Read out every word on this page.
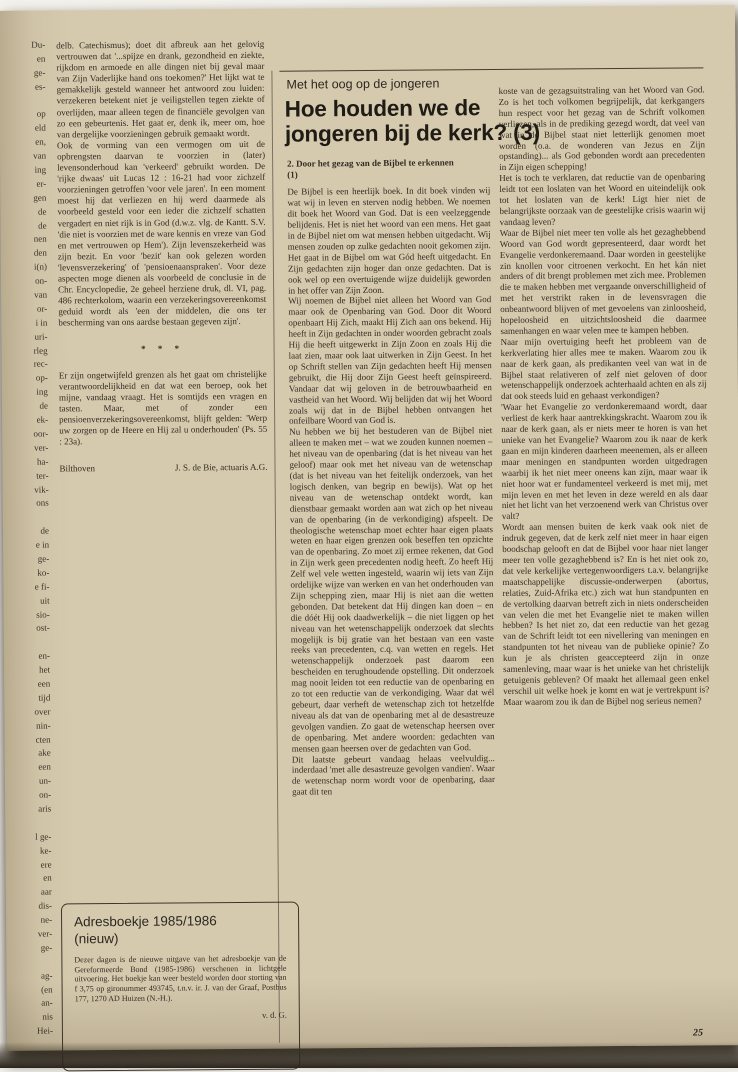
Du-
en
ge-
es-
op
eld
en,
van
ing
er-
gen
de
de
nen
den
i(n)
on-
van
or-
i in
uri-
rleg
rec-
op-
ing
de
ek-
oor-
ver-
ha-
ter-
vik-
ons
de
e in
ge-
ko-
e fi-
uit
sio-
ost-
en-
het
een
tijd
over
nin-
cten
ake
een
un-
on-
aris
l ge-
ke-
ere
en
aar
dis-
ne-
ver-
ge-
ag-
(en
an-
nis
Hei-

delb. Catechismus); doet dit afbreuk aan het gelovig vertrouwen dat '...spijze en drank, gezondheid en ziekte, rijkdom en armoede en alle dingen niet bij geval maar van Zijn Vaderlijke hand ons toekomen?' Het lijkt wat te gemakkelijk gesteld wanneer het antwoord zou luiden: verzekeren betekent niet je veiligstellen tegen ziekte of overlijden, maar alleen tegen de financiële gevolgen van zo een gebeurtenis. Het gaat er, denk ik, meer om, hoe van dergelijke voorzieningen gebruik gemaakt wordt.

Ook de vorming van een vermogen om uit de opbrengsten daarvan te voorzien in (later) levensonderhoud kan 'verkeerd' gebruikt worden. De 'rijke dwaas' uit Lucas 12 : 16-21 had voor zichzelf voorzieningen getroffen 'voor vele jaren'. In een moment moest hij dat verliezen en hij werd daarmede als voorbeeld gesteld voor een ieder die zichzelf schatten vergadert en niet rijk is in God (d.w.z. vlg. de Kantt. S.V. 'die niet is voorzien met de ware kennis en vreze van God en met vertrouwen op Hem'). Zijn levenszekerheid was zijn bezit. En voor 'bezit' kan ook gelezen worden 'levensverzekering' of 'pensioenaanspraken'. Voor deze aspecten moge dienen als voorbeeld de conclusie in de Chr. Encyclopedie, 2e geheel herziene druk, dl. VI, pag. 486 rechterkolom, waarin een verzekeringsovereenkomst geduid wordt als 'een der middelen, die ons ter bescherming van ons aardse bestaan gegeven zijn'.

* * *

Er zijn ongetwijfeld grenzen als het gaat om christelijke verantwoordelijkheid en dat wat een beroep, ook het mijne, vandaag vraagt. Het is somtijds een vragen en tasten. Maar, met of zonder een pensioenverzekeringsovereenkomst, blijft gelden: 'Werp uw zorgen op de Heere en Hij zal u onderhouden' (Ps. 55 : 23a).

Bilthoven	J. S. de Bie, actuaris A.G.
Met het oog op de jongeren
Hoe houden we de
jongeren bij de kerk? (3)
2. Door het gezag van de Bijbel te erkennen
(1)

De Bijbel is een heerlijk boek. In dit boek vinden wij wat wij in leven en sterven nodig hebben. We noemen dit boek het Woord van God. Dat is een veelzeggende belijdenis. Het is niet het woord van een mens. Het gaat in de Bijbel niet om wat mensen hebben uitgedacht. Wij mensen zouden op zulke gedachten nooit gekomen zijn. Het gaat in de Bijbel om wat Gód heeft uitgedacht. En Zijn gedachten zijn hoger dan onze gedachten. Dat is ook wel op een overtuigende wijze duidelijk geworden in het offer van Zijn Zoon.

Wij noemen de Bijbel niet alleen het Woord van God maar ook de Openbaring van God. Door dit Woord openbaart Hij Zich, maakt Hij Zich aan ons bekend. Hij heeft in Zijn gedachten in onder woorden gebracht zoals Hij die heeft uitgewerkt in Zijn Zoon en zoals Hij die laat zien, maar ook laat uitwerken in Zijn Geest. In het op Schrift stellen van Zijn gedachten heeft Hij mensen gebruikt, die Hij door Zijn Geest heeft geïnspireerd. Vandaar dat wij geloven in de betrouwbaarheid en vastheid van het Woord. Wij belijden dat wij het Woord zoals wij dat in de Bijbel hebben ontvangen het onfeilbare Woord van God is.

Nu hebben we bij het bestuderen van de Bijbel niet alleen te maken met – wat we zouden kunnen noemen – het niveau van de openbaring (dat is het niveau van het geloof) maar ook met het niveau van de wetenschap (dat is het niveau van het feitelijk onderzoek, van het logisch denken, van begrip en bewijs). Wat op het niveau van de wetenschap ontdekt wordt, kan dienstbaar gemaakt worden aan wat zich op het niveau van de openbaring (in de verkondiging) afspeelt. De theologische wetenschap moet echter haar eigen plaats weten en haar eigen grenzen ook beseffen ten opzichte van de openbaring. Zo moet zij ermee rekenen, dat God in Zijn werk geen precedenten nodig heeft. Zo heeft Hij Zelf wel vele wetten ingesteld, waarin wij iets van Zijn ordelijke wijze van werken en van het onderhouden van Zijn schepping zien, maar Hij is niet aan die wetten gebonden. Dat betekent dat Hij dingen kan doen – en die dóét Hij ook daadwerkelijk – die niet liggen op het niveau van het wetenschappelijk onderzoek dat slechts mogelijk is bij gratie van het bestaan van een vaste reeks van precedenten, c.q. van wetten en regels. Het wetenschappelijk onderzoek past daarom een bescheiden en terughoudende opstelling. Dit onderzoek mag nooit leiden tot een reductie van de openbaring en zo tot een reductie van de verkondiging. Waar dat wél gebeurt, daar verheft de wetenschap zich tot hetzelfde niveau als dat van de openbaring met al de desastreuze gevolgen vandien. Zo gaat de wetenschap heersen over de openbaring. Met andere woorden: gedachten van mensen gaan heersen over de gedachten van God.

Dit laatste gebeurt vandaag helaas veelvuldig... inderdaad 'met alle desastreuze gevolgen vandien'. Waar de wetenschap norm wordt voor de openbaring, daar gaat dit ten

koste van de gezagsuitstraling van het Woord van God. Zo is het toch volkomen begrijpelijk, dat kerkgangers hun respect voor het gezag van de Schrift volkomen verliezen, als in de prediking gezegd wordt, dat veel van wat in de Bijbel staat niet letterlijk genomen moet worden (o.a. de wonderen van Jezus en Zijn opstanding)... als God gebonden wordt aan precedenten in Zijn eigen schepping!

Het is toch te verklaren, dat reductie van de openbaring leidt tot een loslaten van het Woord en uiteindelijk ook tot het loslaten van de kerk! Ligt hier niet de belangrijkste oorzaak van de geestelijke crisis waarin wij vandaag leven?

Waar de Bijbel niet meer ten volle als het gezaghebbend Woord van God wordt gepresenteerd, daar wordt het Evangelie verdonkeremaand. Daar worden in geestelijke zin knollen voor citroenen verkocht. En het kán niet anders of dit brengt problemen met zich mee. Problemen die te maken hebben met vergaande onverschilligheid of met het verstrikt raken in de levensvragen die onbeantwoord blijven of met gevoelens van zinloosheid, hopeloosheid en uitzichtsloosheid die daarmee samenhangen en waar velen mee te kampen hebben.

Naar mijn overtuiging heeft het probleem van de kerkverlating hier alles mee te maken. Waarom zou ik naar de kerk gaan, als predikanten veel van wat in de Bijbel staat relativeren of zelf niet geloven of door wetenschappelijk onderzoek achterhaald achten en als zij dat ook steeds luid en gehaast verkondigen?

'Waar het Evangelie zo verdonkeremaand wordt, daar verliest de kerk haar aantrekkingskracht. Waarom zou ik naar de kerk gaan, als er niets meer te horen is van het unieke van het Evangelie? Waarom zou ik naar de kerk gaan en mijn kinderen daarheen meenemen, als er alleen maar meningen en standpunten worden uitgedragen waarbij ik het niet meer oneens kan zijn, maar waar ik niet hoor wat er fundamenteel verkeerd is met mij, met mijn leven en met het leven in deze wereld en als daar niet het licht van het verzoenend werk van Christus over valt?

Wordt aan mensen buiten de kerk vaak ook niet de indruk gegeven, dat de kerk zelf niet meer in haar eigen boodschap gelooft en dat de Bijbel voor haar niet langer meer ten volle gezaghebbend is? En is het niet ook zo, dat vele kerkelijke vertegenwoordigers t.a.v. belangrijke maatschappelijke discussie-onderwerpen (abortus, relaties, Zuid-Afrika etc.) zich wat hun standpunten en de vertolking daarvan betreft zich in niets onderscheiden van velen die met het Evangelie niet te maken willen hebben? Is het niet zo, dat een reductie van het gezag van de Schrift leidt tot een nivellering van meningen en standpunten tot het niveau van de publieke opinie? Zo kun je als christen geaccepteerd zijn in onze samenleving, maar waar is het unieke van het christelijk getuigenis gebleven? Of maakt het allemaal geen enkel verschil uit welke hoek je komt en wat je vertrekpunt is? Maar waarom zou ik dan de Bijbel nog serieus nemen?

Adresboekje 1985/1986
(nieuw)
Dezer dagen is de nieuwe uitgave van het adresboekje van de Gereformeerde Bond (1985-1986) verschenen in lichtgele uitvoering. Het boekje kan weer besteld worden door storting van f 3,75 op gironummer 493745, t.n.v. ir. J. van der Graaf, Postbus 177, 1270 AD Huizen (N.-H.).
v. d. G.
25
